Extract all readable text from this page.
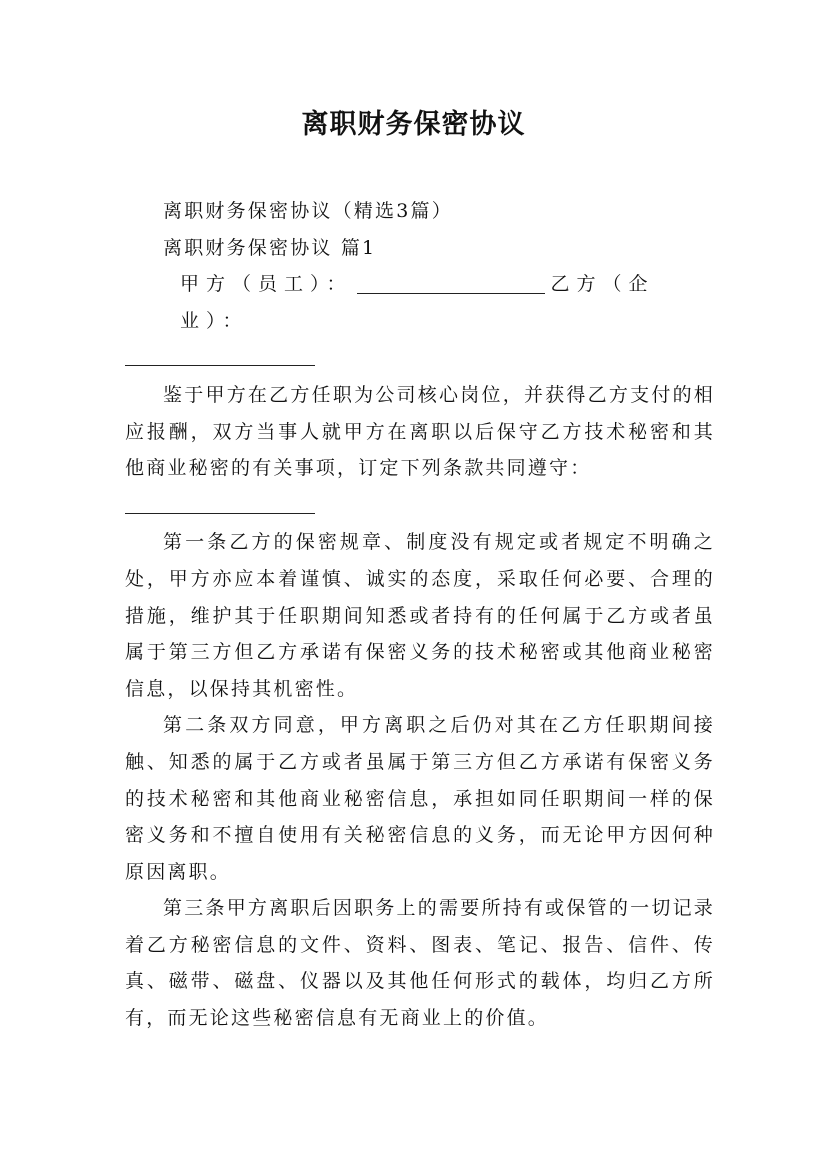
离职财务保密协议

离职财务保密协议（精选3篇）

离职财务保密协议 篇1

甲方（员工）：	乙方（企业）：

鉴于甲方在乙方任职为公司核心岗位，并获得乙方支付的相应报酬，双方当事人就甲方在离职以后保守乙方技术秘密和其他商业秘密的有关事项，订定下列条款共同遵守：

第一条乙方的保密规章、制度没有规定或者规定不明确之处，甲方亦应本着谨慎、诚实的态度，采取任何必要、合理的措施，维护其于任职期间知悉或者持有的任何属于乙方或者虽属于第三方但乙方承诺有保密义务的技术秘密或其他商业秘密信息，以保持其机密性。

第二条双方同意，甲方离职之后仍对其在乙方任职期间接触、知悉的属于乙方或者虽属于第三方但乙方承诺有保密义务的技术秘密和其他商业秘密信息，承担如同任职期间一样的保密义务和不擅自使用有关秘密信息的义务，而无论甲方因何种原因离职。

第三条甲方离职后因职务上的需要所持有或保管的一切记录着乙方秘密信息的文件、资料、图表、笔记、报告、信件、传真、磁带、磁盘、仪器以及其他任何形式的载体，均归乙方所有，而无论这些秘密信息有无商业上的价值。
